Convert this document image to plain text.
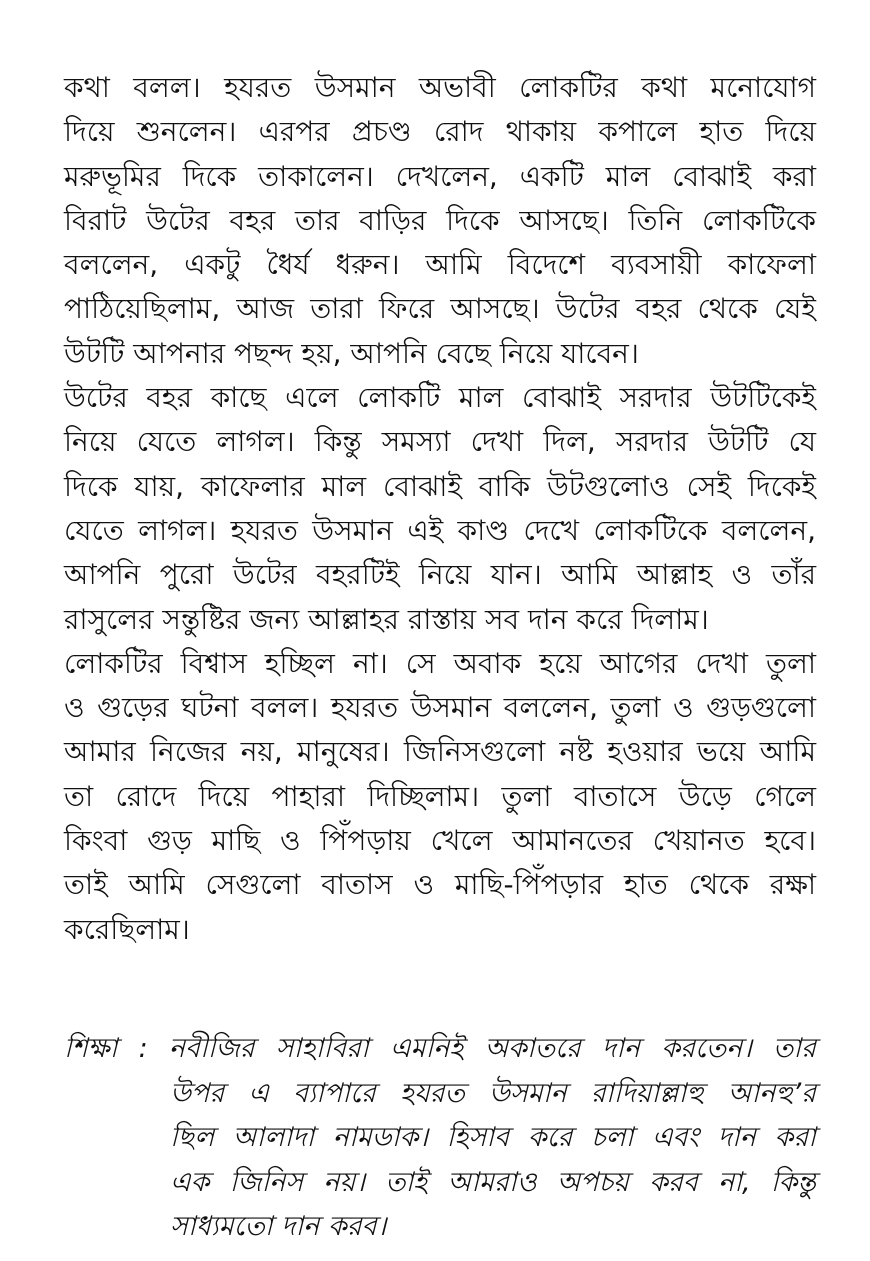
কথা বলল। হযরত উসমান অভাবী লোকটির কথা মনোযোগ
দিয়ে শুনলেন। এরপর প্রচণ্ড রোদ থাকায় কপালে হাত দিয়ে
মরুভূমির দিকে তাকালেন। দেখলেন, একটি মাল বোঝাই করা
বিরাট উটের বহর তার বাড়ির দিকে আসছে। তিনি লোকটিকে
বললেন, একটু ধৈর্য ধরুন। আমি বিদেশে ব্যবসায়ী কাফেলা
পাঠিয়েছিলাম, আজ তারা ফিরে আসছে। উটের বহর থেকে যেই
উটটি আপনার পছন্দ হয়, আপনি বেছে নিয়ে যাবেন।
উটের বহর কাছে এলে লোকটি মাল বোঝাই সরদার উটটিকেই
নিয়ে যেতে লাগল। কিন্তু সমস্যা দেখা দিল, সরদার উটটি যে
দিকে যায়, কাফেলার মাল বোঝাই বাকি উটগুলোও সেই দিকেই
যেতে লাগল। হযরত উসমান এই কাণ্ড দেখে লোকটিকে বললেন,
আপনি পুরো উটের বহরটিই নিয়ে যান। আমি আল্লাহ ও তাঁর
রাসুলের সন্তুষ্টির জন্য আল্লাহর রাস্তায় সব দান করে দিলাম।
লোকটির বিশ্বাস হচ্ছিল না। সে অবাক হয়ে আগের দেখা তুলা
ও গুড়ের ঘটনা বলল। হযরত উসমান বললেন, তুলা ও গুড়গুলো
আমার নিজের নয়, মানুষের। জিনিসগুলো নষ্ট হওয়ার ভয়ে আমি
তা রোদে দিয়ে পাহারা দিচ্ছিলাম। তুলা বাতাসে উড়ে গেলে
কিংবা গুড় মাছি ও পিঁপড়ায় খেলে আমানতের খেয়ানত হবে।
তাই আমি সেগুলো বাতাস ও মাছি-পিঁপড়ার হাত থেকে রক্ষা
করেছিলাম।
শিক্ষা : নবীজির সাহাবিরা এমনিই অকাতরে দান করতেন। তার
উপর এ ব্যাপারে হযরত উসমান রাদিয়াল্লাহু আনহু’র
ছিল আলাদা নামডাক। হিসাব করে চলা এবং দান করা
এক জিনিস নয়। তাই আমরাও অপচয় করব না, কিন্তু
সাধ্যমতো দান করব।
